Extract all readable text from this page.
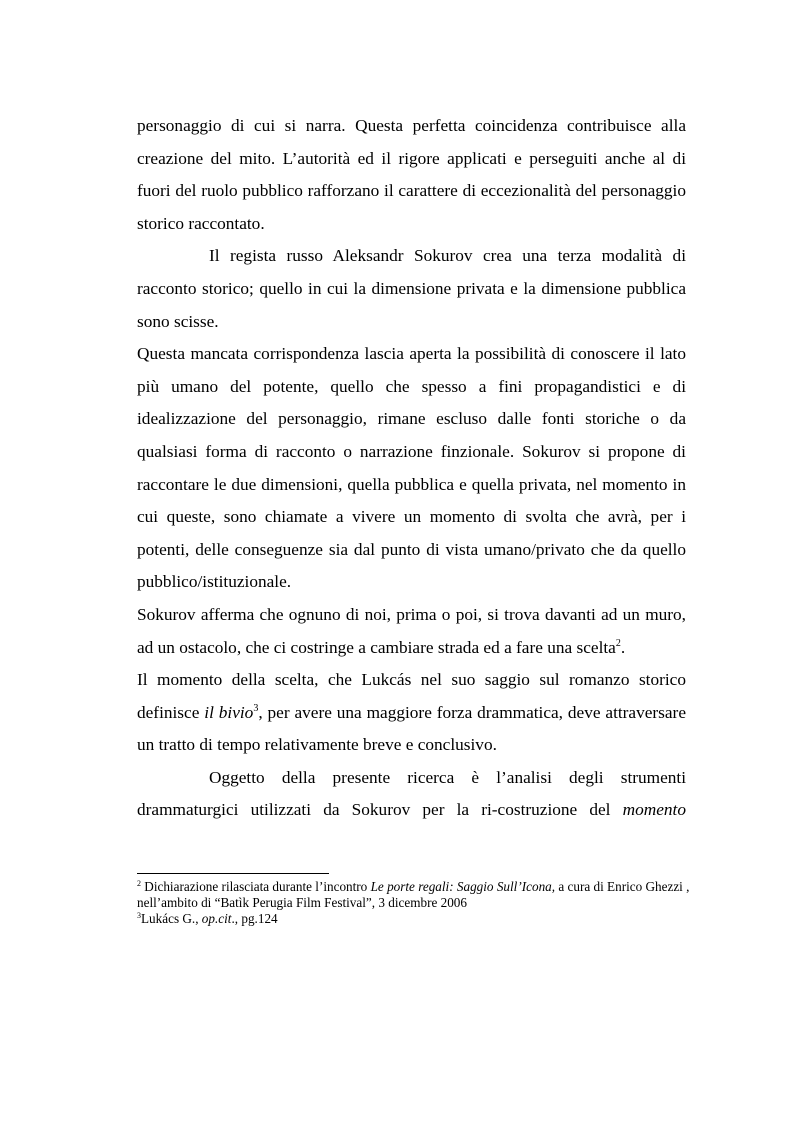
personaggio di cui si narra. Questa perfetta coincidenza contribuisce alla creazione del mito. L’autorità ed il rigore applicati e perseguiti anche al di fuori del ruolo pubblico rafforzano il carattere di eccezionalità del personaggio storico raccontato.

Il regista russo Aleksandr Sokurov crea una terza modalità di racconto storico; quello in cui la dimensione privata e la dimensione pubblica sono scisse.

Questa mancata corrispondenza lascia aperta la possibilità di conoscere il lato più umano del potente, quello che spesso a fini propagandistici e di idealizzazione del personaggio, rimane escluso dalle fonti storiche o da qualsiasi forma di racconto o narrazione finzionale. Sokurov si propone di raccontare le due dimensioni, quella pubblica e quella privata, nel momento in cui queste, sono chiamate a vivere un momento di svolta che avrà, per i potenti, delle conseguenze sia dal punto di vista umano/privato che da quello pubblico/istituzionale.

Sokurov afferma che ognuno di noi, prima o poi, si trova davanti ad un muro, ad un ostacolo, che ci costringe a cambiare strada ed a fare una scelta$^2$.

Il momento della scelta, che Lukcás nel suo saggio sul romanzo storico definisce il bivio$^3$, per avere una maggiore forza drammatica, deve attraversare un tratto di tempo relativamente breve e conclusivo.

Oggetto della presente ricerca è l’analisi degli strumenti drammaturgici utilizzati da Sokurov per la ri-costruzione del momento

$^2$ Dichiarazione rilasciata durante l’incontro Le porte regali: Saggio Sull’Icona, a cura di Enrico Ghezzi , nell’ambito di “Batìk Perugia Film Festival”, 3 dicembre 2006

$^3$Lukács G., op.cit., pg.124
